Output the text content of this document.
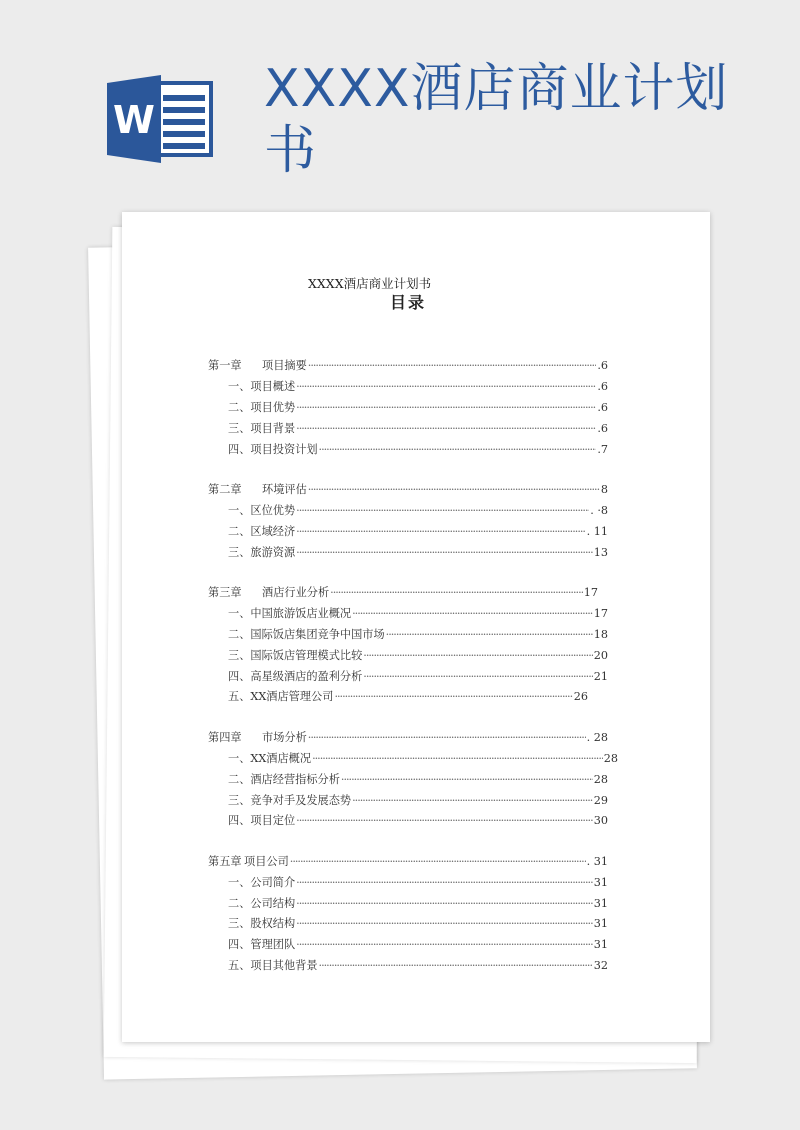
W
XXXX酒店商业计划书
XXXX酒店商业计划书
目录
第一章 项目摘要 ·····	.6
一、项目概述 ·····	.6
二、项目优势 ·····	.6
三、项目背景 ·····	.6
四、项目投资计划 ·····	.7
第二章 环境评估 ·····	8
一、区位优势 ·····	. ·8
二、区域经济 ·····	. 11
三、旅游资源 ·····	13
第三章 酒店行业分析 ·····	17
一、中国旅游饭店业概况 ·····	17
二、国际饭店集团竞争中国市场 ·····	18
三、国际饭店管理模式比较 ·····	20
四、高星级酒店的盈利分析 ·····	21
五、XX酒店管理公司 ·····	26
第四章 市场分析 ·····	. 28
一、XX酒店概况 ·····	28
二、酒店经营指标分析 ·····	28
三、竞争对手及发展态势 ·····	29
四、项目定位 ·····	30
第五章 项目公司 ·····	. 31
一、公司简介 ·····	31
二、公司结构 ·····	31
三、股权结构 ·····	31
四、管理团队 ·····	31
五、项目其他背景 ·····	32
